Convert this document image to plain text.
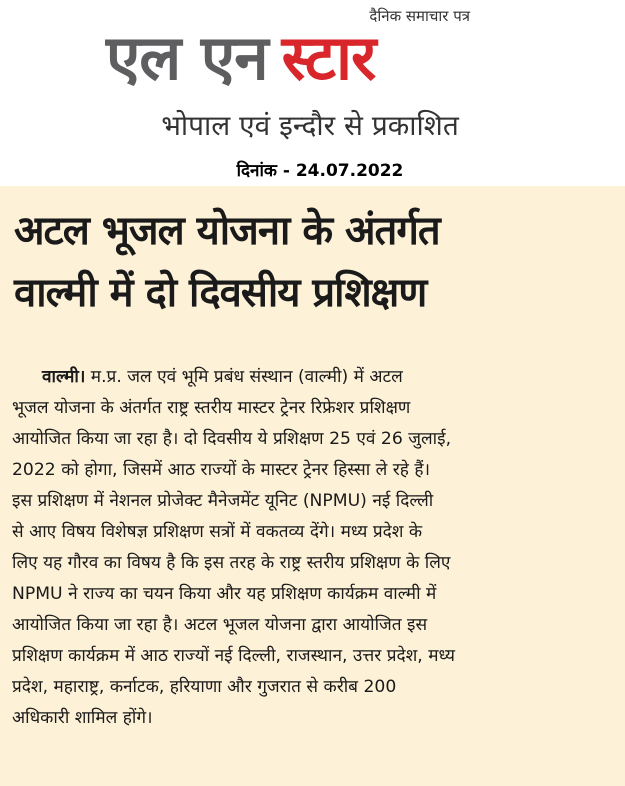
दैनिक समाचार पत्र
एल एन स्टार
भोपाल एवं इन्दौर से प्रकाशित
दिनांक - 24.07.2022
अटल भूजल योजना के अंतर्गत
वाल्मी में दो दिवसीय प्रशिक्षण
वाल्मी। म.प्र. जल एवं भूमि प्रबंध संस्थान (वाल्मी) में अटल
भूजल योजना के अंतर्गत राष्ट्र स्तरीय मास्टर ट्रेनर रिफ्रेशर प्रशिक्षण
आयोजित किया जा रहा है। दो दिवसीय ये प्रशिक्षण 25 एवं 26 जुलाई,
2022 को होगा, जिसमें आठ राज्यों के मास्टर ट्रेनर हिस्सा ले रहे हैं।
इस प्रशिक्षण में नेशनल प्रोजेक्ट मैनेजमेंट यूनिट (NPMU) नई दिल्ली
से आए विषय विशेषज्ञ प्रशिक्षण सत्रों में वकतव्य देंगे। मध्य प्रदेश के
लिए यह गौरव का विषय है कि इस तरह के राष्ट्र स्तरीय प्रशिक्षण के लिए
NPMU ने राज्य का चयन किया और यह प्रशिक्षण कार्यक्रम वाल्मी में
आयोजित किया जा रहा है। अटल भूजल योजना द्वारा आयोजित इस
प्रशिक्षण कार्यक्रम में आठ राज्यों नई दिल्ली, राजस्थान, उत्तर प्रदेश, मध्य
प्रदेश, महाराष्ट्र, कर्नाटक, हरियाणा और गुजरात से करीब 200
अधिकारी शामिल होंगे।
